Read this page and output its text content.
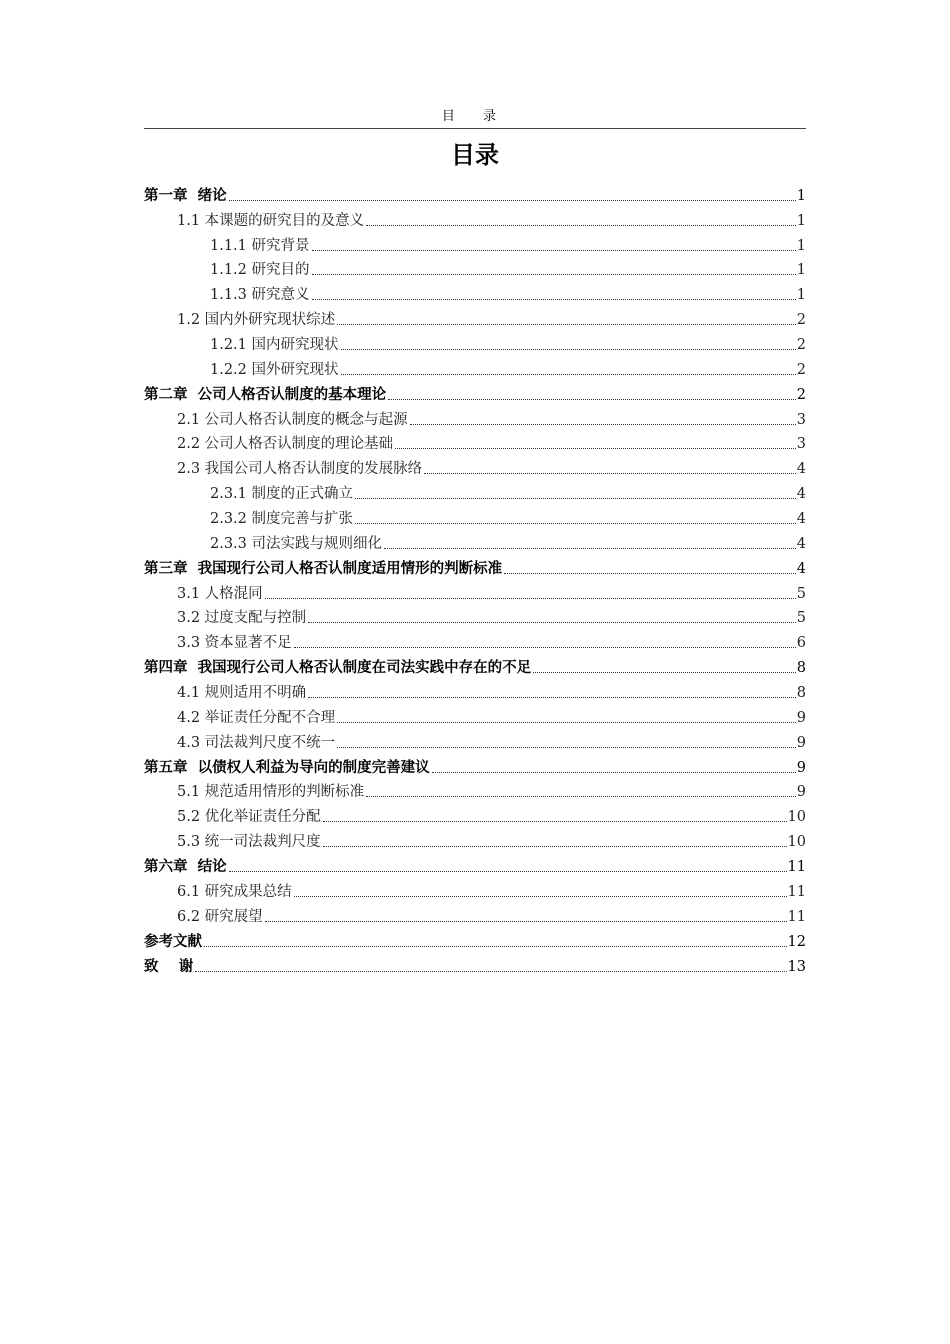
目 录
目录
第一章  绪论	1
1.1 本课题的研究目的及意义	1
1.1.1 研究背景	1
1.1.2 研究目的	1
1.1.3 研究意义	1
1.2 国内外研究现状综述	2
1.2.1 国内研究现状	2
1.2.2 国外研究现状	2
第二章  公司人格否认制度的基本理论	2
2.1 公司人格否认制度的概念与起源	3
2.2 公司人格否认制度的理论基础	3
2.3 我国公司人格否认制度的发展脉络	4
2.3.1 制度的正式确立	4
2.3.2 制度完善与扩张	4
2.3.3 司法实践与规则细化	4
第三章  我国现行公司人格否认制度适用情形的判断标准	4
3.1 人格混同	5
3.2 过度支配与控制	5
3.3 资本显著不足	6
第四章  我国现行公司人格否认制度在司法实践中存在的不足	8
4.1 规则适用不明确	8
4.2 举证责任分配不合理	9
4.3 司法裁判尺度不统一	9
第五章  以债权人利益为导向的制度完善建议	9
5.1 规范适用情形的判断标准	9
5.2 优化举证责任分配	10
5.3 统一司法裁判尺度	10
第六章  结论	11
6.1 研究成果总结	11
6.2 研究展望	11
参考文献	12
致    谢	13
